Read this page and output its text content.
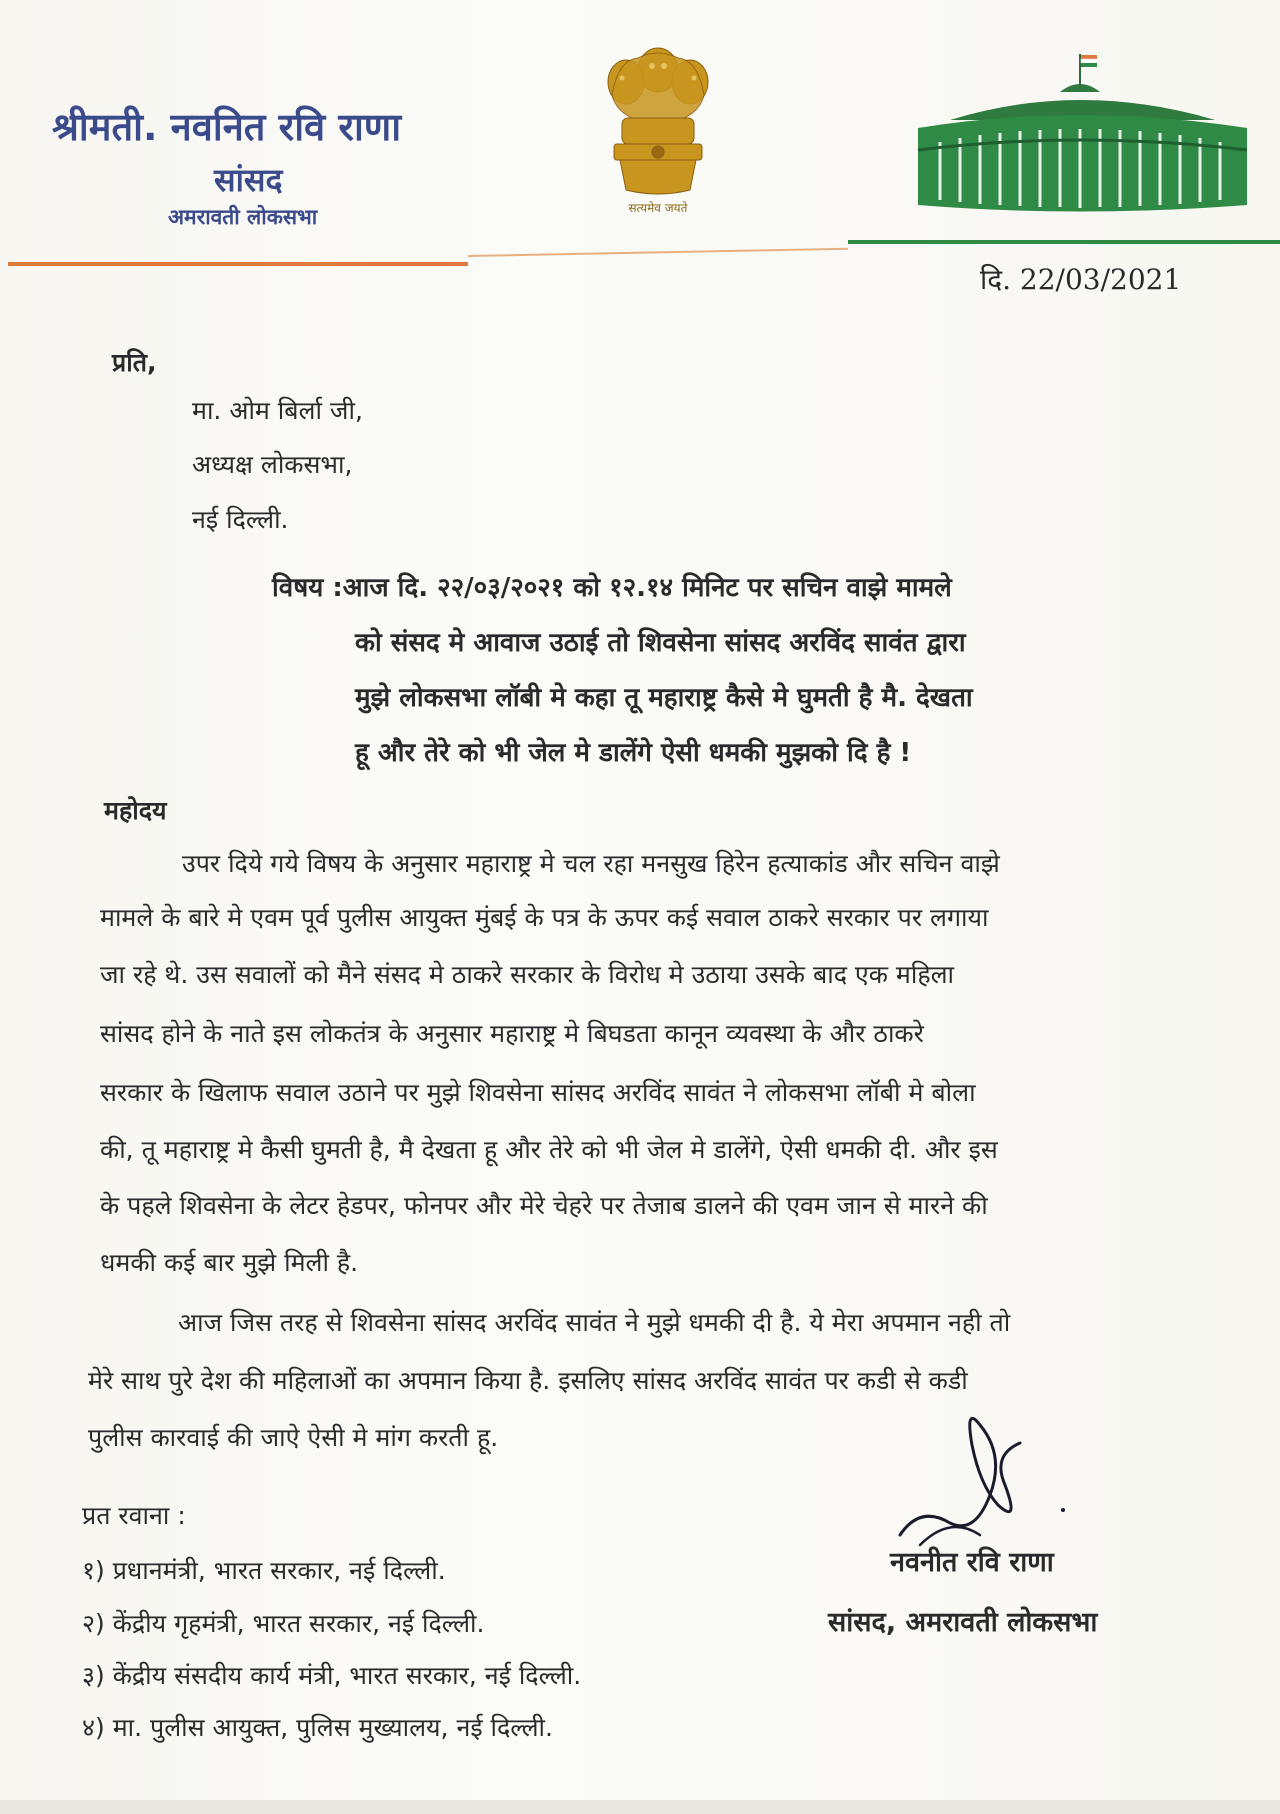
श्रीमती. नवनित रवि राणा
सांसद
अमरावती लोकसभा	सत्यमेव जयते
दि. 22/03/2021
प्रति,
मा. ओम बिर्ला जी,
अध्यक्ष लोकसभा,
नई दिल्ली.
विषय :आज दि. २२/०३/२०२१ को १२.१४ मिनिट पर सचिन वाझे मामले
को संसद मे आवाज उठाई तो शिवसेना सांसद अरविंद सावंत द्वारा
मुझे लोकसभा लॉबी मे कहा तू महाराष्ट्र कैसे मे घुमती है मै. देखता
हू और तेरे को भी जेल मे डालेंगे ऐसी धमकी मुझको दि है !
महोदय
उपर दिये गये विषय के अनुसार महाराष्ट्र मे चल रहा मनसुख हिरेन हत्याकांड और सचिन वाझे
मामले के बारे मे एवम पूर्व पुलीस आयुक्त मुंबई के पत्र के ऊपर कई सवाल ठाकरे सरकार पर लगाया
जा रहे थे. उस सवालों को मैने संसद मे ठाकरे सरकार के विरोध मे उठाया उसके बाद एक महिला
सांसद होने के नाते इस लोकतंत्र के अनुसार महाराष्ट्र मे बिघडता कानून व्यवस्था के और ठाकरे
सरकार के खिलाफ सवाल उठाने पर मुझे शिवसेना सांसद अरविंद सावंत ने लोकसभा लॉबी मे बोला
की, तू महाराष्ट्र मे कैसी घुमती है, मै देखता हू और तेरे को भी जेल मे डालेंगे, ऐसी धमकी दी. और इस
के पहले शिवसेना के लेटर हेडपर, फोनपर और मेरे चेहरे पर तेजाब डालने की एवम जान से मारने की
धमकी कई बार मुझे मिली है.
आज जिस तरह से शिवसेना सांसद अरविंद सावंत ने मुझे धमकी दी है. ये मेरा अपमान नही तो
मेरे साथ पुरे देश की महिलाओं का अपमान किया है. इसलिए सांसद अरविंद सावंत पर कडी से कडी
पुलीस कारवाई की जाऐ ऐसी मे मांग करती हू.
प्रत रवाना :
१) प्रधानमंत्री, भारत सरकार, नई दिल्ली.
२) केंद्रीय गृहमंत्री, भारत सरकार, नई दिल्ली.
३) केंद्रीय संसदीय कार्य मंत्री, भारत सरकार, नई दिल्ली.
४) मा. पुलीस आयुक्त, पुलिस मुख्यालय, नई दिल्ली.
नवनीत रवि राणा
सांसद, अमरावती लोकसभा
